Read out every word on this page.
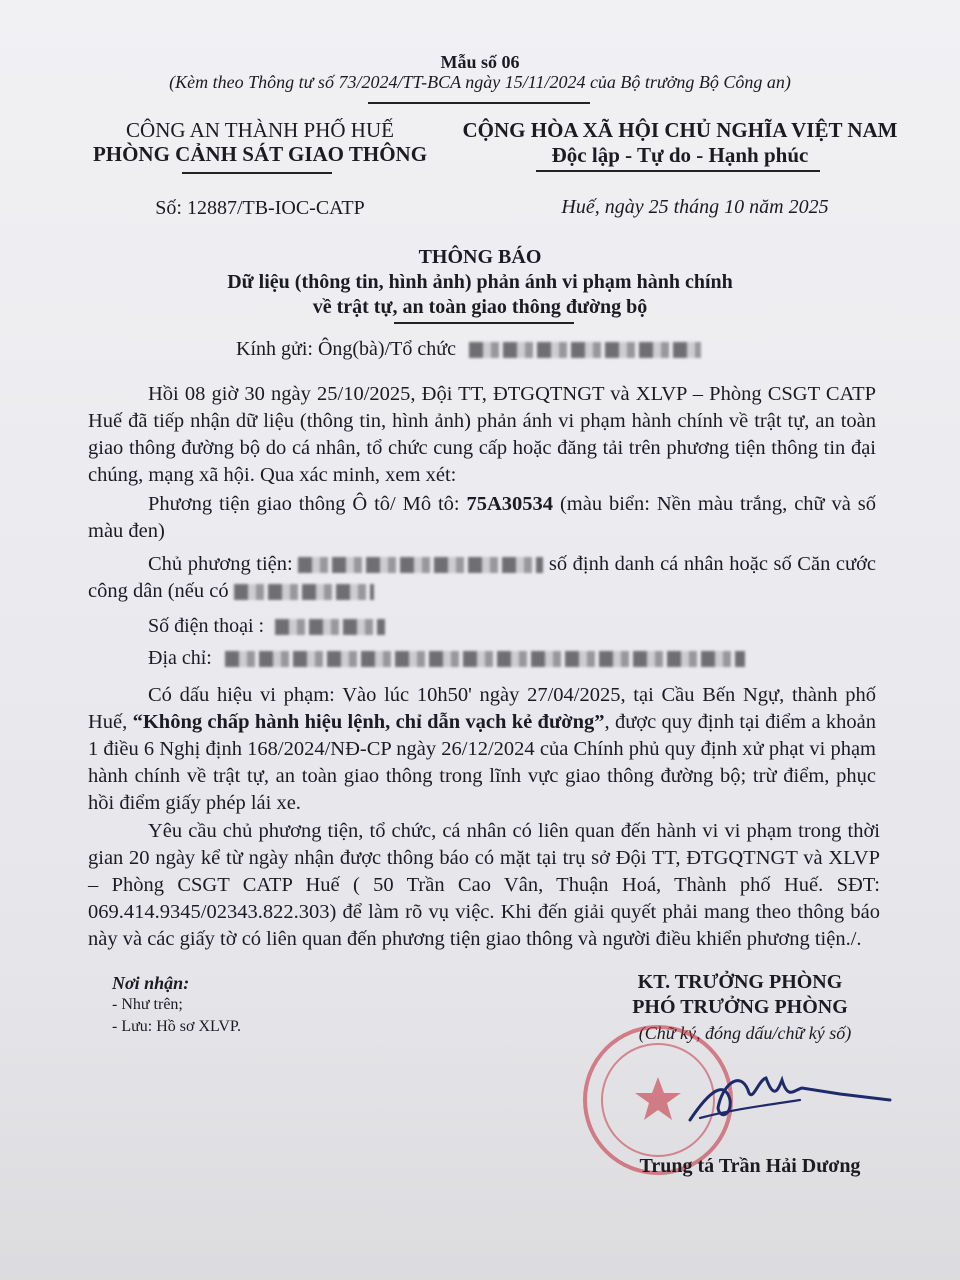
Mẫu số 06
(Kèm theo Thông tư số 73/2024/TT-BCA ngày 15/11/2024 của Bộ trưởng Bộ Công an)
CÔNG AN THÀNH PHỐ HUẾ
PHÒNG CẢNH SÁT GIAO THÔNG
Số: 12887/TB-IOC-CATP
CỘNG HÒA XÃ HỘI CHỦ NGHĨA VIỆT NAM
Độc lập - Tự do - Hạnh phúc
Huế, ngày 25 tháng 10 năm 2025
THÔNG BÁO
Dữ liệu (thông tin, hình ảnh) phản ánh vi phạm hành chính
về trật tự, an toàn giao thông đường bộ
Kính gửi: Ông(bà)/Tổ chức
Hồi 08 giờ 30 ngày 25/10/2025, Đội TT, ĐTGQTNGT và XLVP – Phòng CSGT CATP Huế đã tiếp nhận dữ liệu (thông tin, hình ảnh) phản ánh vi phạm hành chính về trật tự, an toàn giao thông đường bộ do cá nhân, tổ chức cung cấp hoặc đăng tải trên phương tiện thông tin đại chúng, mạng xã hội. Qua xác minh, xem xét:
Phương tiện giao thông Ô tô/ Mô tô: 75A30534 (màu biển: Nền màu trắng, chữ và số màu đen)
Chủ phương tiện:	số định danh cá nhân hoặc số Căn cước công dân (nếu có
Số điện thoại :
Địa chỉ:
Có dấu hiệu vi phạm: Vào lúc 10h50' ngày 27/04/2025, tại Cầu Bến Ngự, thành phố Huế, “Không chấp hành hiệu lệnh, chỉ dẫn vạch kẻ đường”, được quy định tại điểm a khoản 1 điều 6 Nghị định 168/2024/NĐ-CP ngày 26/12/2024 của Chính phủ quy định xử phạt vi phạm hành chính về trật tự, an toàn giao thông trong lĩnh vực giao thông đường bộ; trừ điểm, phục hồi điểm giấy phép lái xe.
Yêu cầu chủ phương tiện, tổ chức, cá nhân có liên quan đến hành vi vi phạm trong thời gian 20 ngày kể từ ngày nhận được thông báo có mặt tại trụ sở Đội TT, ĐTGQTNGT và XLVP – Phòng CSGT CATP Huế ( 50 Trần Cao Vân, Thuận Hoá, Thành phố Huế. SĐT: 069.414.9345/02343.822.303) để làm rõ vụ việc. Khi đến giải quyết phải mang theo thông báo này và các giấy tờ có liên quan đến phương tiện giao thông và người điều khiển phương tiện./.
Nơi nhận:
- Như trên;
- Lưu: Hồ sơ XLVP.
KT. TRƯỞNG PHÒNG
PHÓ TRƯỞNG PHÒNG
(Chữ ký, đóng dấu/chữ ký số)
Trung tá Trần Hải Dương
